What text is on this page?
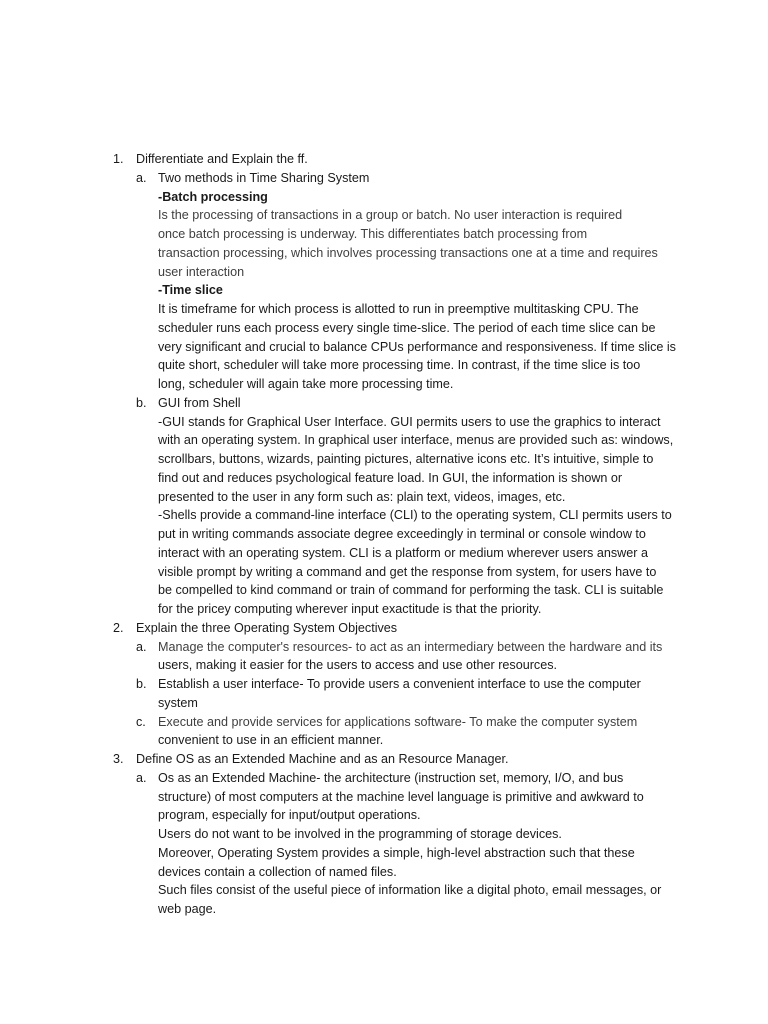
1. Differentiate and Explain the ff.
a. Two methods in Time Sharing System
-Batch processing
Is the processing of transactions in a group or batch. No user interaction is required
once batch processing is underway. This differentiates batch processing from
transaction processing, which involves processing transactions one at a time and requires
user interaction
-Time slice
It is timeframe for which process is allotted to run in preemptive multitasking CPU. The
scheduler runs each process every single time-slice. The period of each time slice can be
very significant and crucial to balance CPUs performance and responsiveness. If time slice is
quite short, scheduler will take more processing time. In contrast, if the time slice is too
long, scheduler will again take more processing time.
b. GUI from Shell
-GUI stands for Graphical User Interface. GUI permits users to use the graphics to interact
with an operating system. In graphical user interface, menus are provided such as: windows,
scrollbars, buttons, wizards, painting pictures, alternative icons etc. It’s intuitive, simple to
find out and reduces psychological feature load. In GUI, the information is shown or
presented to the user in any form such as: plain text, videos, images, etc.
-Shells provide a command-line interface (CLI) to the operating system, CLI permits users to
put in writing commands associate degree exceedingly in terminal or console window to
interact with an operating system. CLI is a platform or medium wherever users answer a
visible prompt by writing a command and get the response from system, for users have to
be compelled to kind command or train of command for performing the task. CLI is suitable
for the pricey computing wherever input exactitude is that the priority.
2. Explain the three Operating System Objectives
a. Manage the computer's resources- to act as an intermediary between the hardware and its
users, making it easier for the users to access and use other resources.
b. Establish a user interface- To provide users a convenient interface to use the computer
system
c. Execute and provide services for applications software- To make the computer system
convenient to use in an efficient manner.
3. Define OS as an Extended Machine and as an Resource Manager.
a. Os as an Extended Machine- the architecture (instruction set, memory, I/O, and bus
structure) of most computers at the machine level language is primitive and awkward to
program, especially for input/output operations.
Users do not want to be involved in the programming of storage devices.
Moreover, Operating System provides a simple, high-level abstraction such that these
devices contain a collection of named files.
Such files consist of the useful piece of information like a digital photo, email messages, or
web page.
